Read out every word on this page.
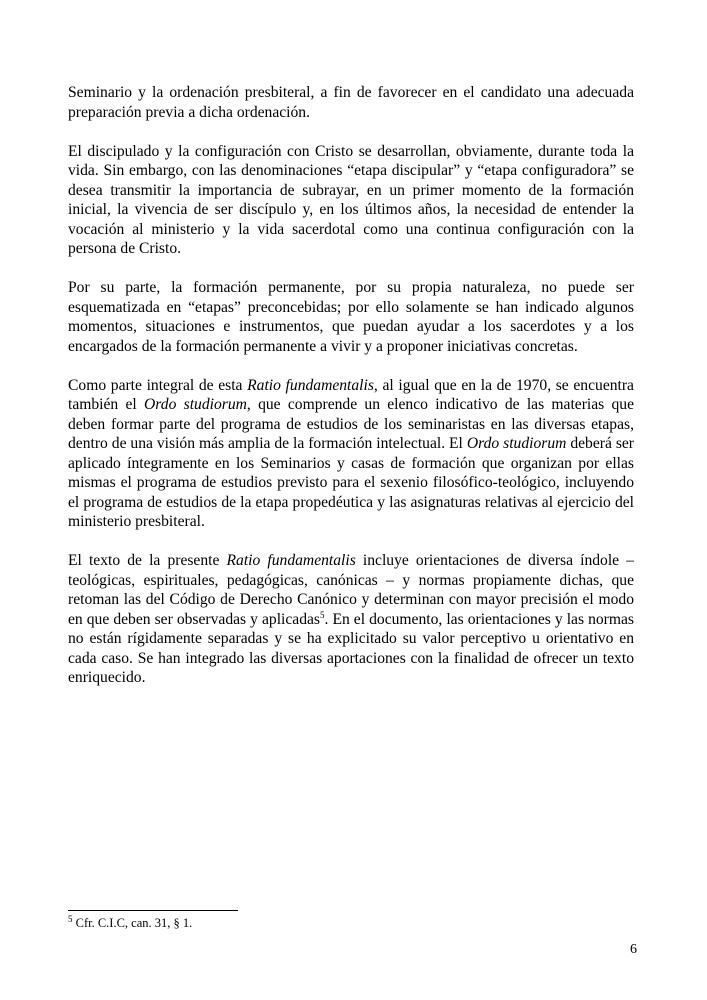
Seminario y la ordenación presbiteral, a fin de favorecer en el candidato una adecuada preparación previa a dicha ordenación.

El discipulado y la configuración con Cristo se desarrollan, obviamente, durante toda la vida. Sin embargo, con las denominaciones “etapa discipular” y “etapa configuradora” se desea transmitir la importancia de subrayar, en un primer momento de la formación inicial, la vivencia de ser discípulo y, en los últimos años, la necesidad de entender la vocación al ministerio y la vida sacerdotal como una continua configuración con la persona de Cristo.

Por su parte, la formación permanente, por su propia naturaleza, no puede ser esquematizada en “etapas” preconcebidas; por ello solamente se han indicado algunos momentos, situaciones e instrumentos, que puedan ayudar a los sacerdotes y a los encargados de la formación permanente a vivir y a proponer iniciativas concretas.

Como parte integral de esta Ratio fundamentalis, al igual que en la de 1970, se encuentra también el Ordo studiorum, que comprende un elenco indicativo de las materias que deben formar parte del programa de estudios de los seminaristas en las diversas etapas, dentro de una visión más amplia de la formación intelectual. El Ordo studiorum deberá ser aplicado íntegramente en los Seminarios y casas de formación que organizan por ellas mismas el programa de estudios previsto para el sexenio filosófico-teológico, incluyendo el programa de estudios de la etapa propedéutica y las asignaturas relativas al ejercicio del ministerio presbiteral.

El texto de la presente Ratio fundamentalis incluye orientaciones de diversa índole – teológicas, espirituales, pedagógicas, canónicas – y normas propiamente dichas, que retoman las del Código de Derecho Canónico y determinan con mayor precisión el modo en que deben ser observadas y aplicadas$^5$. En el documento, las orientaciones y las normas no están rígidamente separadas y se ha explicitado su valor perceptivo u orientativo en cada caso. Se han integrado las diversas aportaciones con la finalidad de ofrecer un texto enriquecido.

$^5$ Cfr. C.I.C, can. 31, § 1.
6
